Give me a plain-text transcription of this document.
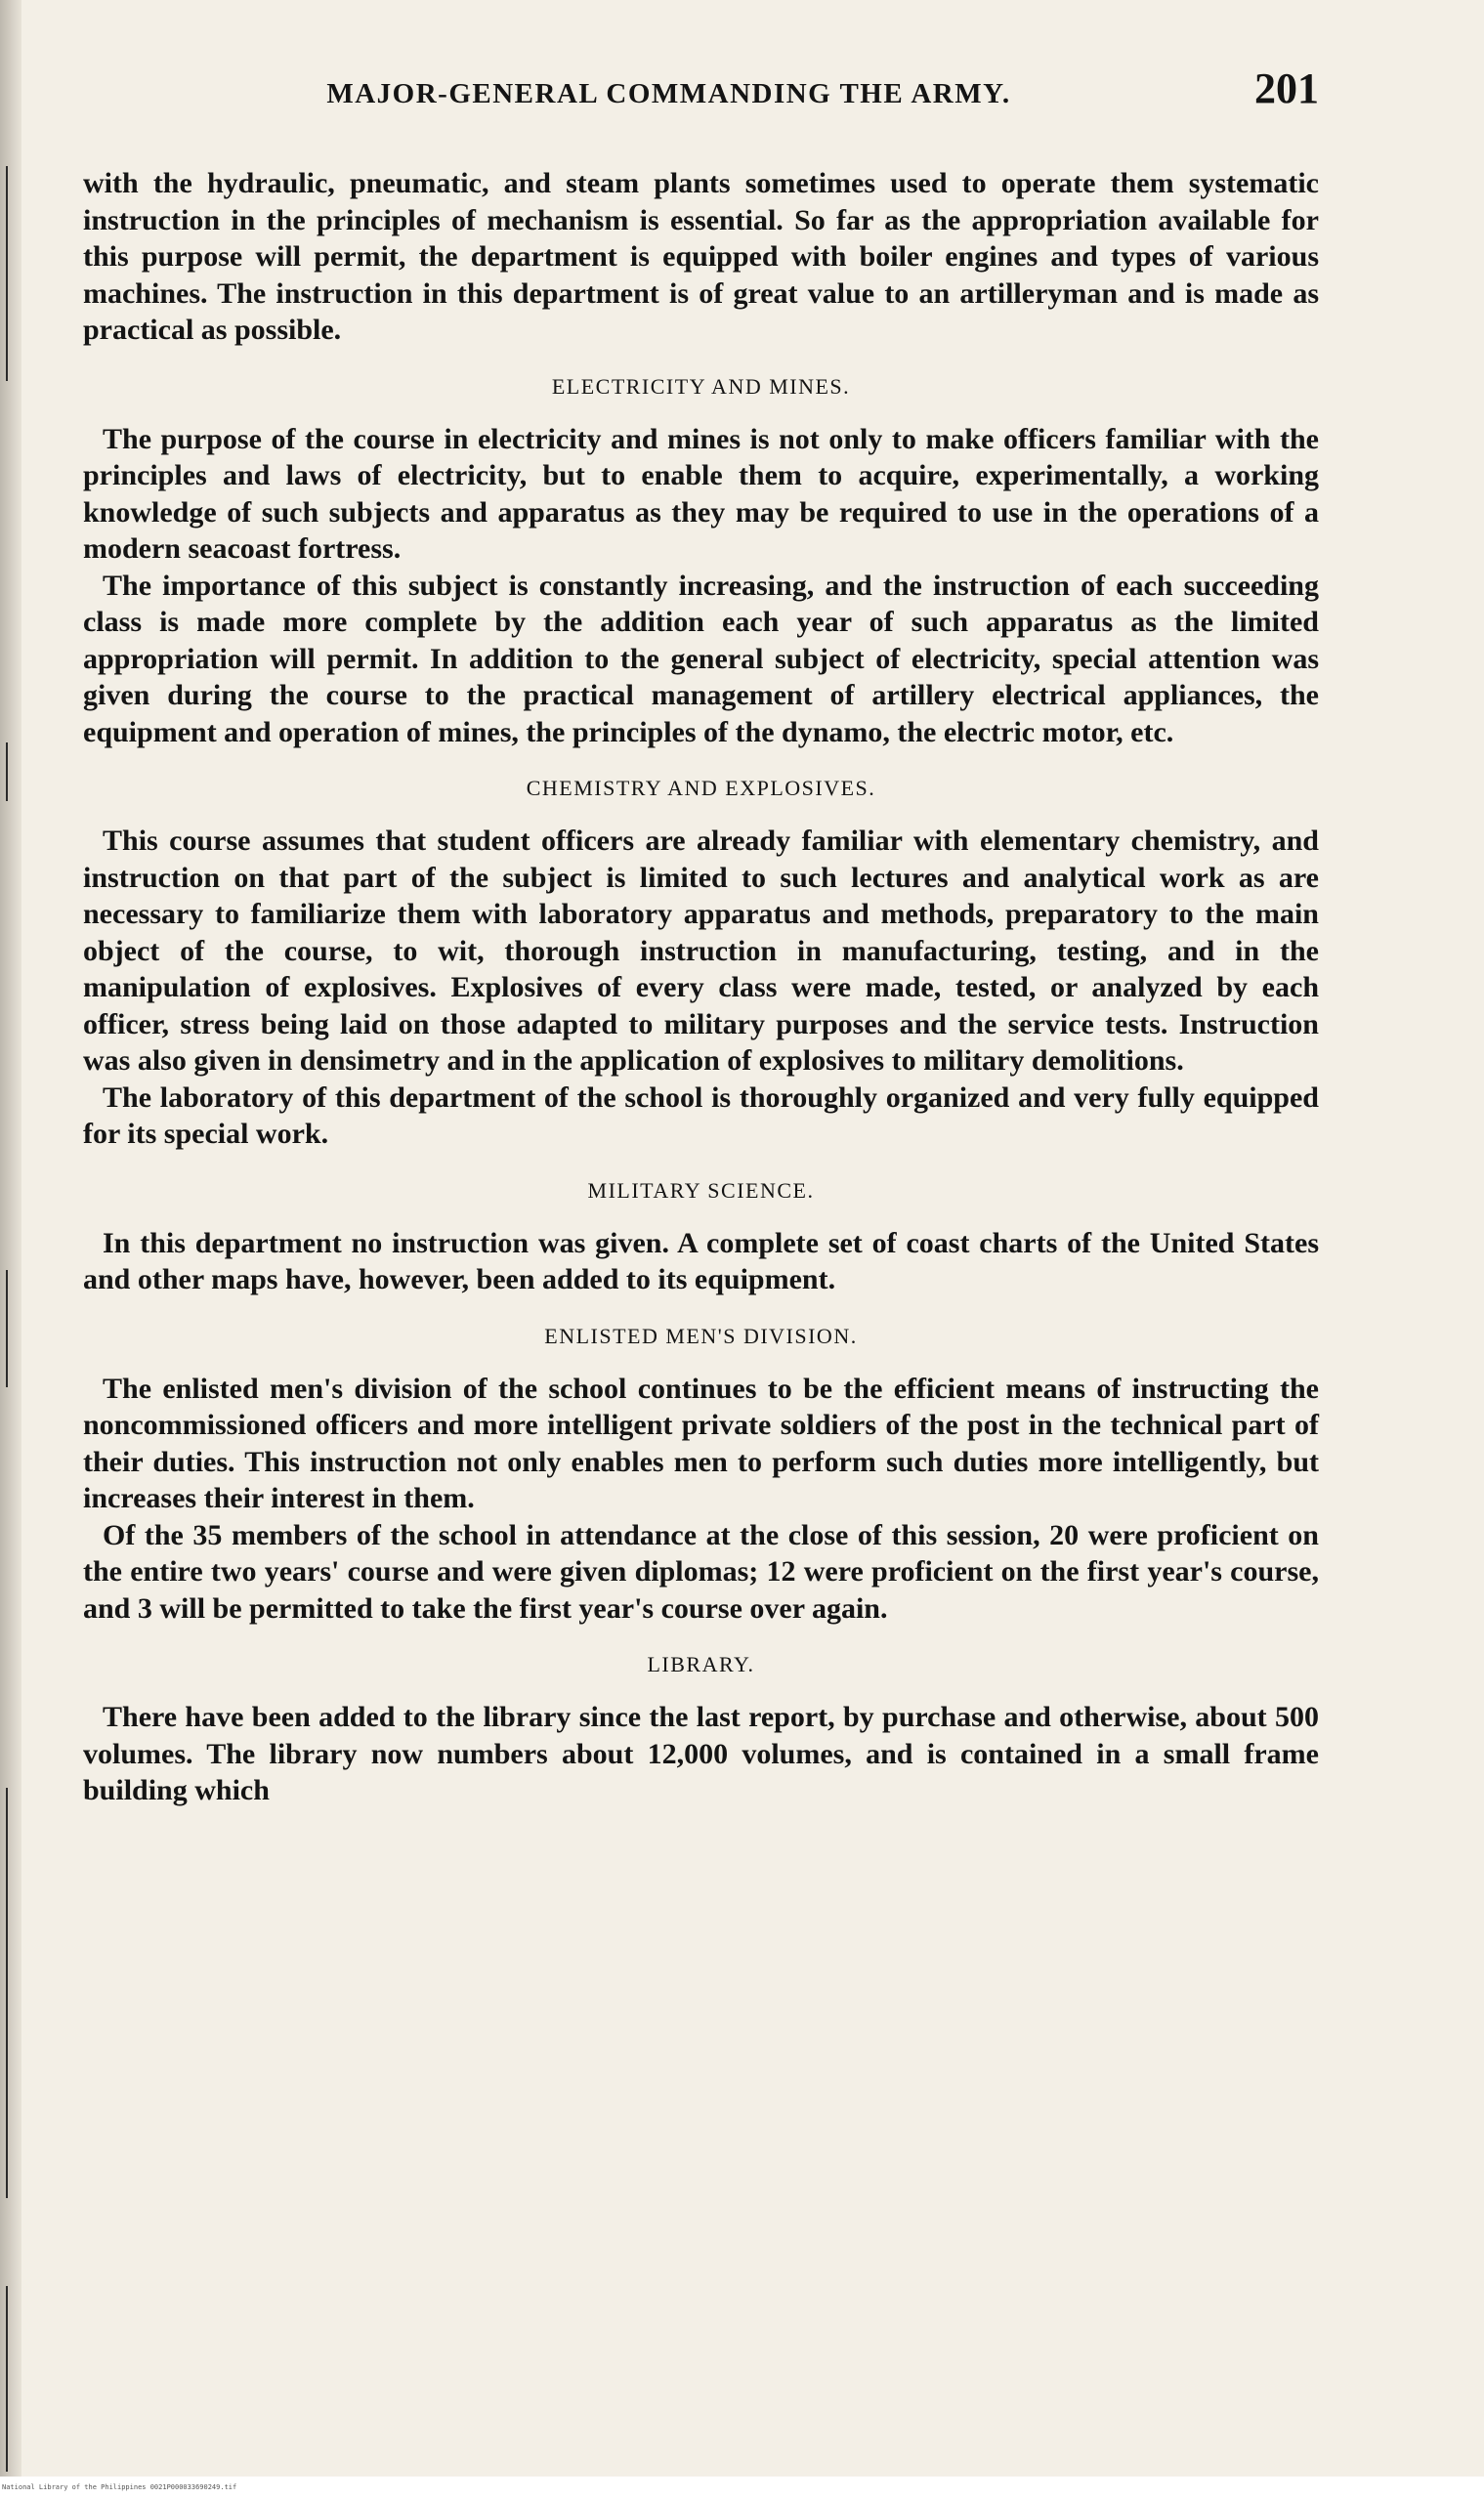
MAJOR-GENERAL COMMANDING THE ARMY.	201

with the hydraulic, pneumatic, and steam plants sometimes used to operate them systematic instruction in the principles of mechanism is essential. So far as the appropriation available for this purpose will permit, the department is equipped with boiler engines and types of various machines. The instruction in this department is of great value to an artilleryman and is made as practical as possible.

ELECTRICITY AND MINES.

The purpose of the course in electricity and mines is not only to make officers familiar with the principles and laws of electricity, but to enable them to acquire, experimentally, a working knowledge of such subjects and apparatus as they may be required to use in the operations of a modern seacoast fortress.

The importance of this subject is constantly increasing, and the instruction of each succeeding class is made more complete by the addition each year of such apparatus as the limited appropriation will permit. In addition to the general subject of electricity, special attention was given during the course to the practical management of artillery electrical appliances, the equipment and operation of mines, the principles of the dynamo, the electric motor, etc.

CHEMISTRY AND EXPLOSIVES.

This course assumes that student officers are already familiar with elementary chemistry, and instruction on that part of the subject is limited to such lectures and analytical work as are necessary to familiarize them with laboratory apparatus and methods, preparatory to the main object of the course, to wit, thorough instruction in manufacturing, testing, and in the manipulation of explosives. Explosives of every class were made, tested, or analyzed by each officer, stress being laid on those adapted to military purposes and the service tests. Instruction was also given in densimetry and in the application of explosives to military demolitions.

The laboratory of this department of the school is thoroughly organized and very fully equipped for its special work.

MILITARY SCIENCE.

In this department no instruction was given. A complete set of coast charts of the United States and other maps have, however, been added to its equipment.

ENLISTED MEN'S DIVISION.

The enlisted men's division of the school continues to be the efficient means of instructing the noncommissioned officers and more intelligent private soldiers of the post in the technical part of their duties. This instruction not only enables men to perform such duties more intelligently, but increases their interest in them.

Of the 35 members of the school in attendance at the close of this session, 20 were proficient on the entire two years' course and were given diplomas; 12 were proficient on the first year's course, and 3 will be permitted to take the first year's course over again.

LIBRARY.

There have been added to the library since the last report, by purchase and otherwise, about 500 volumes. The library now numbers about 12,000 volumes, and is contained in a small frame building which

National Library of the Philippines 0021P000033690249.tif
